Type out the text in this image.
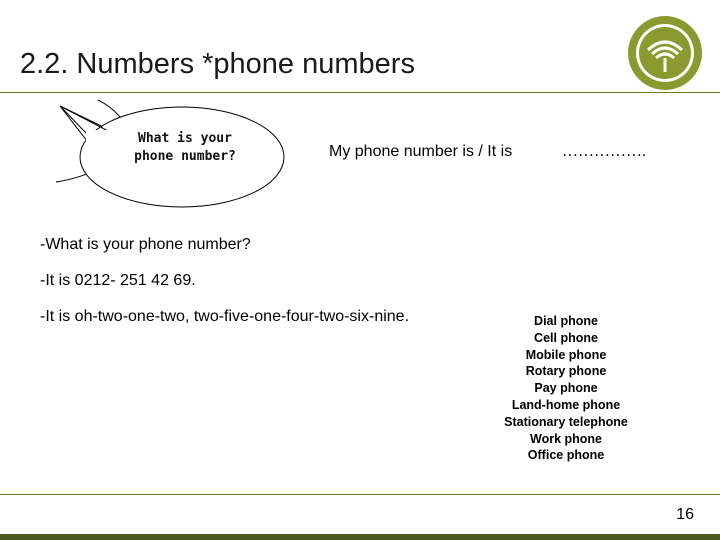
2.2. Numbers *phone numbers
What is your
phone number?	My phone number is / It is	…………….
-What is your phone number?
-It is 0212- 251 42 69.
-It is oh-two-one-two, two-five-one-four-two-six-nine.	Dial phone
Cell phone
Mobile phone
Rotary phone
Pay phone
Land-home phone
Stationary telephone
Work phone
Office phone
16
